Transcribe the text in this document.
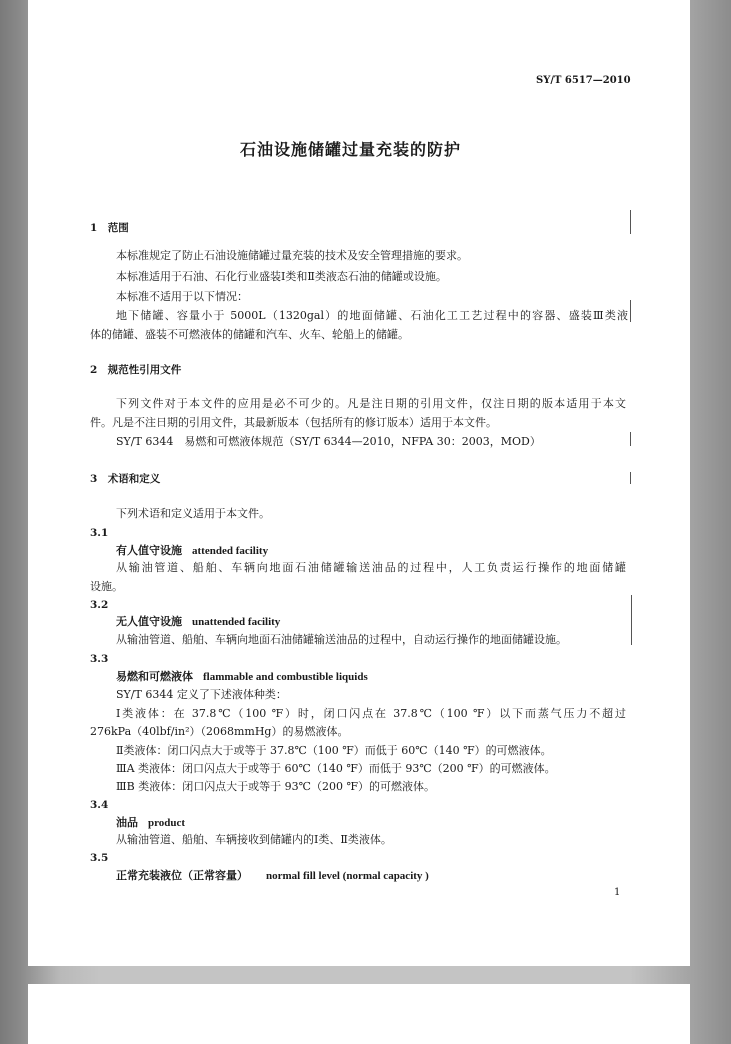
SY/T 6517—2010
石油设施储罐过量充装的防护
1　范围
本标准规定了防止石油设施储罐过量充装的技术及安全管理措施的要求。
本标准适用于石油、石化行业盛装Ⅰ类和Ⅱ类液态石油的储罐或设施。
本标准不适用于以下情况：
地下储罐、容量小于 5000L（1320gal）的地面储罐、石油化工工艺过程中的容器、盛装Ⅲ类液
体的储罐、盛装不可燃液体的储罐和汽车、火车、轮船上的储罐。
2　规范性引用文件
下列文件对于本文件的应用是必不可少的。凡是注日期的引用文件，仅注日期的版本适用于本文
件。凡是不注日期的引用文件，其最新版本（包括所有的修订版本）适用于本文件。
SY/T 6344　易燃和可燃液体规范（SY/T 6344—2010，NFPA 30：2003，MOD）
3　术语和定义
下列术语和定义适用于本文件。
3.1
有人值守设施 attended facility
从输油管道、船舶、车辆向地面石油储罐输送油品的过程中，人工负责运行操作的地面储罐
设施。
3.2
无人值守设施 unattended facility
从输油管道、船舶、车辆向地面石油储罐输送油品的过程中，自动运行操作的地面储罐设施。
3.3
易燃和可燃液体 flammable and combustible liquids
SY/T 6344 定义了下述液体种类：
Ⅰ类液体：在 37.8℃（100 ℉）时，闭口闪点在 37.8℃（100 ℉）以下而蒸气压力不超过
276kPa（40lbf/in²）（2068mmHg）的易燃液体。
Ⅱ类液体：闭口闪点大于或等于 37.8℃（100 ℉）而低于 60℃（140 ℉）的可燃液体。
ⅢA 类液体：闭口闪点大于或等于 60℃（140 ℉）而低于 93℃（200 ℉）的可燃液体。
ⅢB 类液体：闭口闪点大于或等于 93℃（200 ℉）的可燃液体。
3.4
油品 product
从输油管道、船舶、车辆接收到储罐内的Ⅰ类、Ⅱ类液体。
3.5
正常充装液位（正常容量） normal fill level (normal capacity )
1
